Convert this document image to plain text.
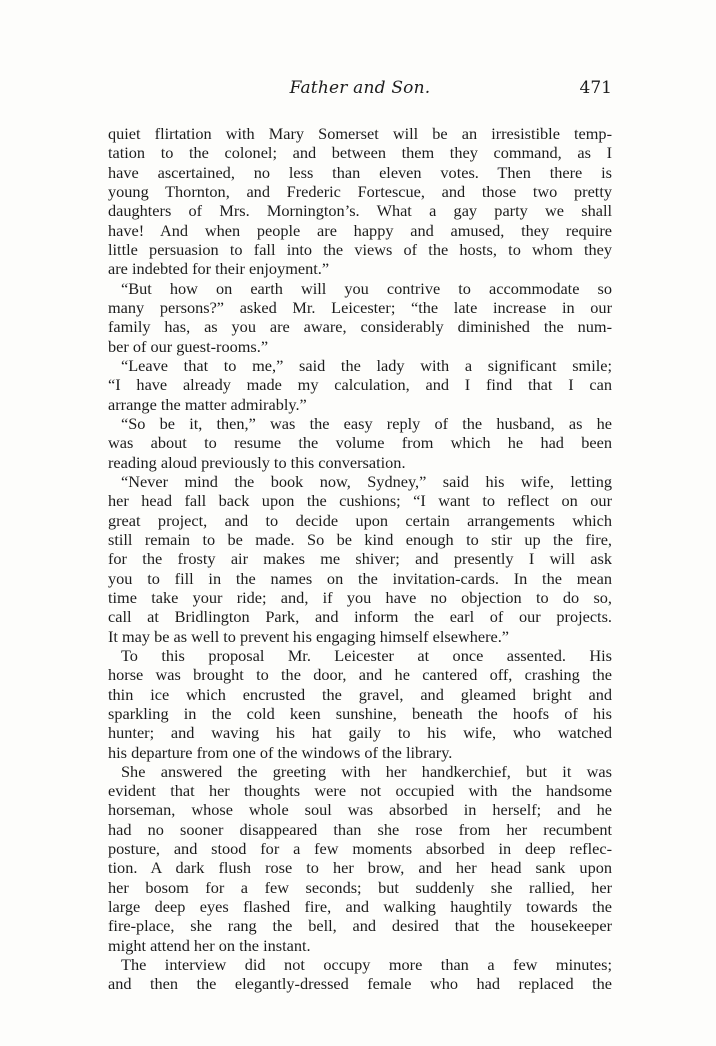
Father and Son.	471
quiet flirtation with Mary Somerset will be an irresistible temp-
tation to the colonel; and between them they command, as I
have ascertained, no less than eleven votes. Then there is
young Thornton, and Frederic Fortescue, and those two pretty
daughters of Mrs. Mornington’s. What a gay party we shall
have! And when people are happy and amused, they require
little persuasion to fall into the views of the hosts, to whom they
are indebted for their enjoyment.”
“But how on earth will you contrive to accommodate so
many persons?” asked Mr. Leicester; “the late increase in our
family has, as you are aware, considerably diminished the num-
ber of our guest-rooms.”
“Leave that to me,” said the lady with a significant smile;
“I have already made my calculation, and I find that I can
arrange the matter admirably.”
“So be it, then,” was the easy reply of the husband, as he
was about to resume the volume from which he had been
reading aloud previously to this conversation.
“Never mind the book now, Sydney,” said his wife, letting
her head fall back upon the cushions; “I want to reflect on our
great project, and to decide upon certain arrangements which
still remain to be made. So be kind enough to stir up the fire,
for the frosty air makes me shiver; and presently I will ask
you to fill in the names on the invitation-cards. In the mean
time take your ride; and, if you have no objection to do so,
call at Bridlington Park, and inform the earl of our projects.
It may be as well to prevent his engaging himself elsewhere.”
To this proposal Mr. Leicester at once assented. His
horse was brought to the door, and he cantered off, crashing the
thin ice which encrusted the gravel, and gleamed bright and
sparkling in the cold keen sunshine, beneath the hoofs of his
hunter; and waving his hat gaily to his wife, who watched
his departure from one of the windows of the library.
She answered the greeting with her handkerchief, but it was
evident that her thoughts were not occupied with the handsome
horseman, whose whole soul was absorbed in herself; and he
had no sooner disappeared than she rose from her recumbent
posture, and stood for a few moments absorbed in deep reflec-
tion. A dark flush rose to her brow, and her head sank upon
her bosom for a few seconds; but suddenly she rallied, her
large deep eyes flashed fire, and walking haughtily towards the
fire-place, she rang the bell, and desired that the housekeeper
might attend her on the instant.
The interview did not occupy more than a few minutes;
and then the elegantly-dressed female who had replaced the
